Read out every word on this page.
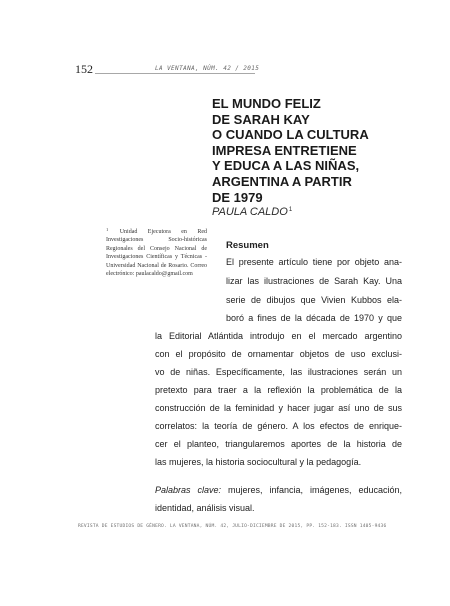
152	LA VENTANA, NÚM. 42 / 2015
EL MUNDO FELIZ
DE SARAH KAY
O CUANDO LA CULTURA
IMPRESA ENTRETIENE
Y EDUCA A LAS NIÑAS,
ARGENTINA A PARTIR
DE 1979
PAULA CALDO$^1$
$^1$ Unidad Ejecutora en Red Investigaciones Socio-históricas Regionales del Consejo Nacional de Investigaciones Científicas y Técnicas - Universidad Nacional de Rosario. Correo electrónico: paulacaldo@gmail.com
Resumen
El presente artículo tiene por objeto ana-
lizar las ilustraciones de Sarah Kay. Una
serie de dibujos que Vivien Kubbos ela-
boró a fines de la década de 1970 y que
la Editorial Atlántida introdujo en el mercado argentino
con el propósito de ornamentar objetos de uso exclusi-
vo de niñas. Específicamente, las ilustraciones serán un
pretexto para traer a la reflexión la problemática de la
construcción de la feminidad y hacer jugar así uno de sus
correlatos: la teoría de género. A los efectos de enrique-
cer el planteo, triangularemos aportes de la historia de
las mujeres, la historia sociocultural y la pedagogía.
Palabras clave: mujeres, infancia, imágenes, educación,
identidad, análisis visual.
REVISTA DE ESTUDIOS DE GÉNERO. LA VENTANA, NÚM. 42, JULIO-DICIEMBRE DE 2015, PP. 152-183. ISSN 1405-9436
